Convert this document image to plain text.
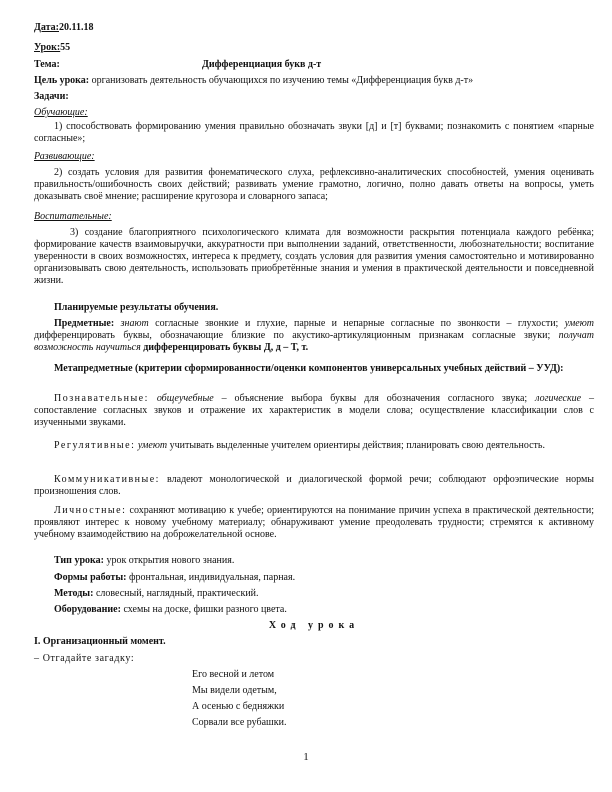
Дата:20.11.18
Урок:55
Тема:	Дифференциация букв д-т
Цель урока: организовать деятельность обучающихся по изучению темы «Дифференциация букв д-т»
Задачи:
Обучающие:
1) способствовать формированию умения правильно обозначать звуки [д] и [т] буквами; познакомить с понятием «парные согласные»;
Развивающие:
2) создать условия для развития фонематического слуха, рефлексивно-аналитических способностей, умения оценивать правильность/ошибочность своих действий; развивать умение грамотно, логично, полно давать ответы на вопросы, уметь доказывать своё мнение; расширение кругозора и словарного запаса;
Воспитательные:
3) создание благоприятного психологического климата для возможности раскрытия потенциала каждого ребёнка; формирование качеств взаимовыручки, аккуратности при выполнении заданий, ответственности, любознательности; воспитание уверенности в своих возможностях, интереса к предмету, создать условия для развития умения самостоятельно и мотивированно организовывать свою деятельность, использовать приобретённые знания и умения в практической деятельности и повседневной жизни.
Планируемые результаты обучения.
Предметные: знают согласные звонкие и глухие, парные и непарные согласные по звонкости – глухости; умеют дифференцировать буквы, обозначающие близкие по акустико-артикуляционным признакам согласные звуки; получат возможность научиться дифференцировать буквы Д, д – Т, т.
Метапредметные (критерии сформированности/оценки компонентов универсальных учебных действий – УУД):
Познавательные: общеучебные – объяснение выбора буквы для обозначения согласного звука; логические – сопоставление согласных звуков и отражение их характеристик в модели слова; осуществление классификации слов с изученными звуками.
Регулятивные: умеют учитывать выделенные учителем ориентиры действия; планировать свою деятельность.
Коммуникативные: владеют монологической и диалогической формой речи; соблюдают орфоэпические нормы произношения слов.
Личностные: сохраняют мотивацию к учебе; ориентируются на понимание причин успеха в практической деятельности; проявляют интерес к новому учебному материалу; обнаруживают умение преодолевать трудности; стремятся к активному учебному взаимодействию на доброжелательной основе.
Тип урока: урок открытия нового знания.
Формы работы: фронтальная, индивидуальная, парная.
Методы: словесный, наглядный, практический.
Оборудование: схемы на доске, фишки разного цвета.
Ход урока
I. Организационный момент.
– Отгадайте загадку:
Его весной и летом
Мы видели одетым,
А осенью с бедняжки
Сорвали все рубашки.
1
